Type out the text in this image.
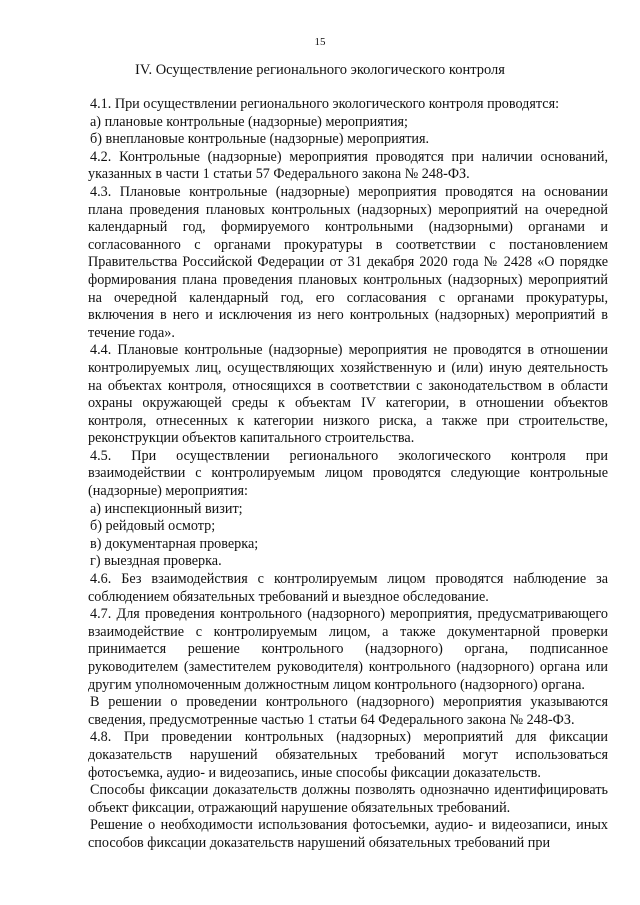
15
IV. Осуществление регионального экологического контроля

4.1. При осуществлении регионального экологического контроля проводятся:

а) плановые контрольные (надзорные) мероприятия;

б) внеплановые контрольные (надзорные) мероприятия.

4.2. Контрольные (надзорные) мероприятия проводятся при наличии оснований, указанных в части 1 статьи 57 Федерального закона № 248-ФЗ.

4.3. Плановые контрольные (надзорные) мероприятия проводятся на основании плана проведения плановых контрольных (надзорных) мероприятий на очередной календарный год, формируемого контрольными (надзорными) органами и согласованного с органами прокуратуры в соответствии с постановлением Правительства Российской Федерации от 31 декабря 2020 года № 2428 «О порядке формирования плана проведения плановых контрольных (надзорных) мероприятий на очередной календарный год, его согласования с органами прокуратуры, включения в него и исключения из него контрольных (надзорных) мероприятий в течение года».

4.4. Плановые контрольные (надзорные) мероприятия не проводятся в отношении контролируемых лиц, осуществляющих хозяйственную и (или) иную деятельность на объектах контроля, относящихся в соответствии с законодательством в области охраны окружающей среды к объектам IV категории, в отношении объектов контроля, отнесенных к категории низкого риска, а также при строительстве, реконструкции объектов капитального строительства.

4.5. При осуществлении регионального экологического контроля при взаимодействии с контролируемым лицом проводятся следующие контрольные (надзорные) мероприятия:

а) инспекционный визит;

б) рейдовый осмотр;

в) документарная проверка;

г) выездная проверка.

4.6. Без взаимодействия с контролируемым лицом проводятся наблюдение за соблюдением обязательных требований и выездное обследование.

4.7. Для проведения контрольного (надзорного) мероприятия, предусматривающего взаимодействие с контролируемым лицом, а также документарной проверки принимается решение контрольного (надзорного) органа, подписанное руководителем (заместителем руководителя) контрольного (надзорного) органа или другим уполномоченным должностным лицом контрольного (надзорного) органа.

В решении о проведении контрольного (надзорного) мероприятия указываются сведения, предусмотренные частью 1 статьи 64 Федерального закона № 248-ФЗ.

4.8. При проведении контрольных (надзорных) мероприятий для фиксации доказательств нарушений обязательных требований могут использоваться фотосъемка, аудио- и видеозапись, иные способы фиксации доказательств.

Способы фиксации доказательств должны позволять однозначно идентифицировать объект фиксации, отражающий нарушение обязательных требований.

Решение о необходимости использования фотосъемки, аудио- и видеозаписи, иных способов фиксации доказательств нарушений обязательных требований при
